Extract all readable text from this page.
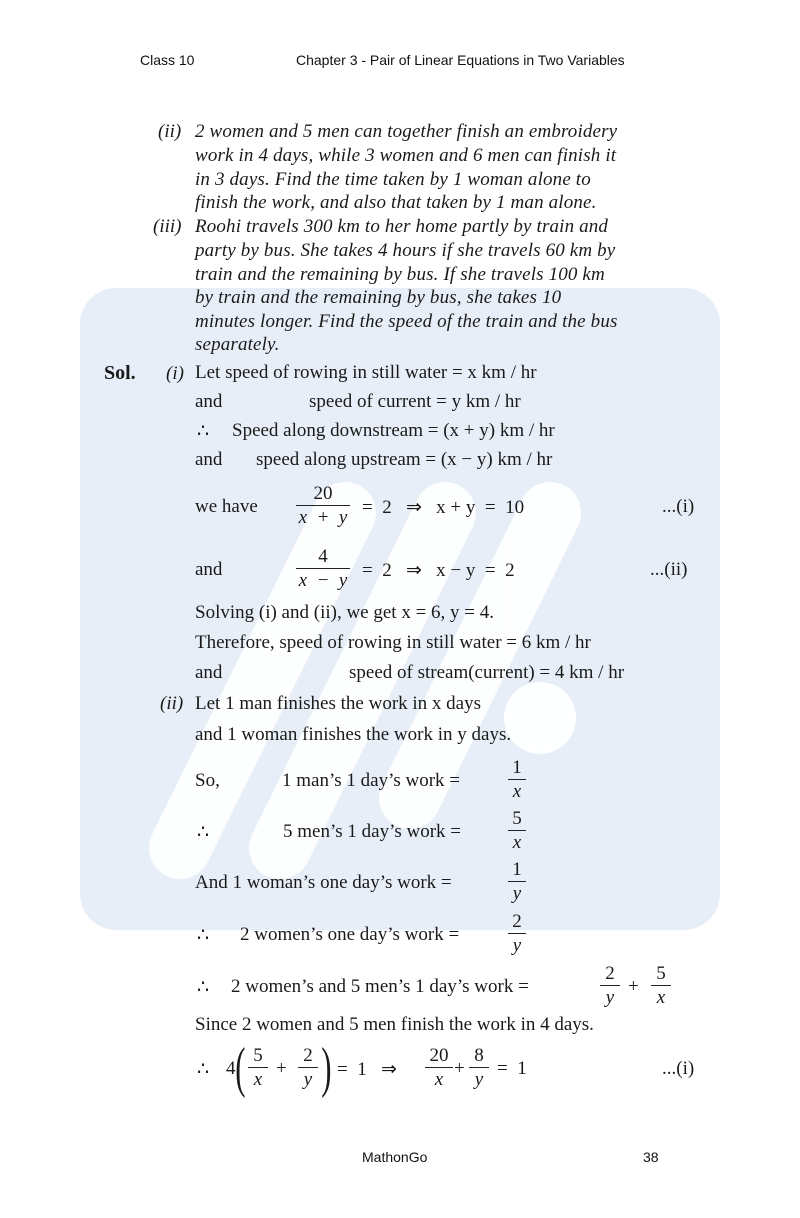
Class 10	Chapter 3 - Pair of Linear Equations in Two Variables
(ii) 2 women and 5 men can together finish an embroidery
work in 4 days, while 3 women and 6 men can finish it
in 3 days. Find the time taken by 1 woman alone to
finish the work, and also that taken by 1 man alone.
(iii) Roohi travels 300 km to her home partly by train and
party by bus. She takes 4 hours if she travels 60 km by
train and the remaining by bus. If she travels 100 km
by train and the remaining by bus, she takes 10
minutes longer. Find the speed of the train and the bus
separately.
Sol. (i) Let speed of rowing in still water = x km / hr
and	speed of current = y km / hr
∴ Speed along downstream = (x + y) km / hr
and speed along upstream = (x − y) km / hr
we have
20
x  +  y =  2   ⇒   x + y  =  10	...(i)
and
4
x  −  y =  2   ⇒   x − y  =  2	...(ii)
Solving (i) and (ii), we get x = 6, y = 4.
Therefore, speed of rowing in still water = 6 km / hr
and	speed of stream(current) = 4 km / hr
(ii) Let 1 man finishes the work in x days
and 1 woman finishes the work in y days.
So,	1 man’s 1 day’s work =
1
x
∴	5 men’s 1 day’s work =
5
x
And 1 woman’s one day’s work =
1
y
∴ 2 women’s one day’s work =
2
y
∴ 2 women’s and 5 men’s 1 day’s work =
2
y
+
5
x
Since 2 women and 5 men finish the work in 4 days.
∴ 4 ( 5
x
+
2
y ) =  1   ⇒
20
x
+
8
y
=  1	...(i)
MathonGo	38
